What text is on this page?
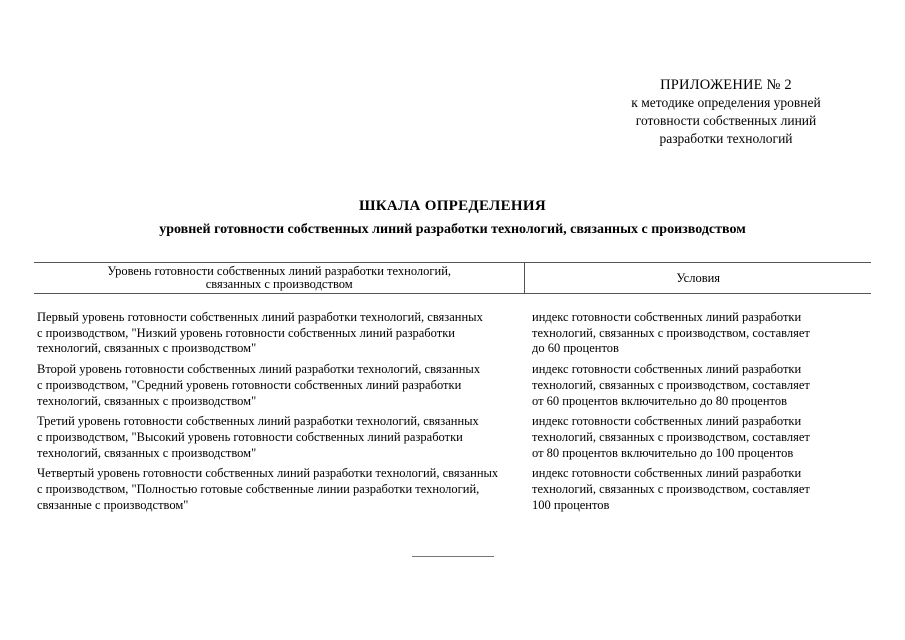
ПРИЛОЖЕНИЕ № 2
к методике определения уровней
готовности собственных линий
разработки технологий
ШКАЛА ОПРЕДЕЛЕНИЯ
уровней готовности собственных линий разработки технологий, связанных с производством
Уровень готовности собственных линий разработки технологий,
связанных с производством	Условия
Первый уровень готовности собственных линий разработки технологий, связанных
с производством, "Низкий уровень готовности собственных линий разработки
технологий, связанных с производством"
индекс готовности собственных линий разработки
технологий, связанных с производством, составляет
до 60 процентов
Второй уровень готовности собственных линий разработки технологий, связанных
с производством, "Средний уровень готовности собственных линий разработки
технологий, связанных с производством"
индекс готовности собственных линий разработки
технологий, связанных с производством, составляет
от 60 процентов включительно до 80 процентов
Третий уровень готовности собственных линий разработки технологий, связанных
с производством, "Высокий уровень готовности собственных линий разработки
технологий, связанных с производством"
индекс готовности собственных линий разработки
технологий, связанных с производством, составляет
от 80 процентов включительно до 100 процентов
Четвертый уровень готовности собственных линий разработки технологий, связанных
с производством, "Полностью готовые собственные линии разработки технологий,
связанные с производством"
индекс готовности собственных линий разработки
технологий, связанных с производством, составляет
100 процентов
